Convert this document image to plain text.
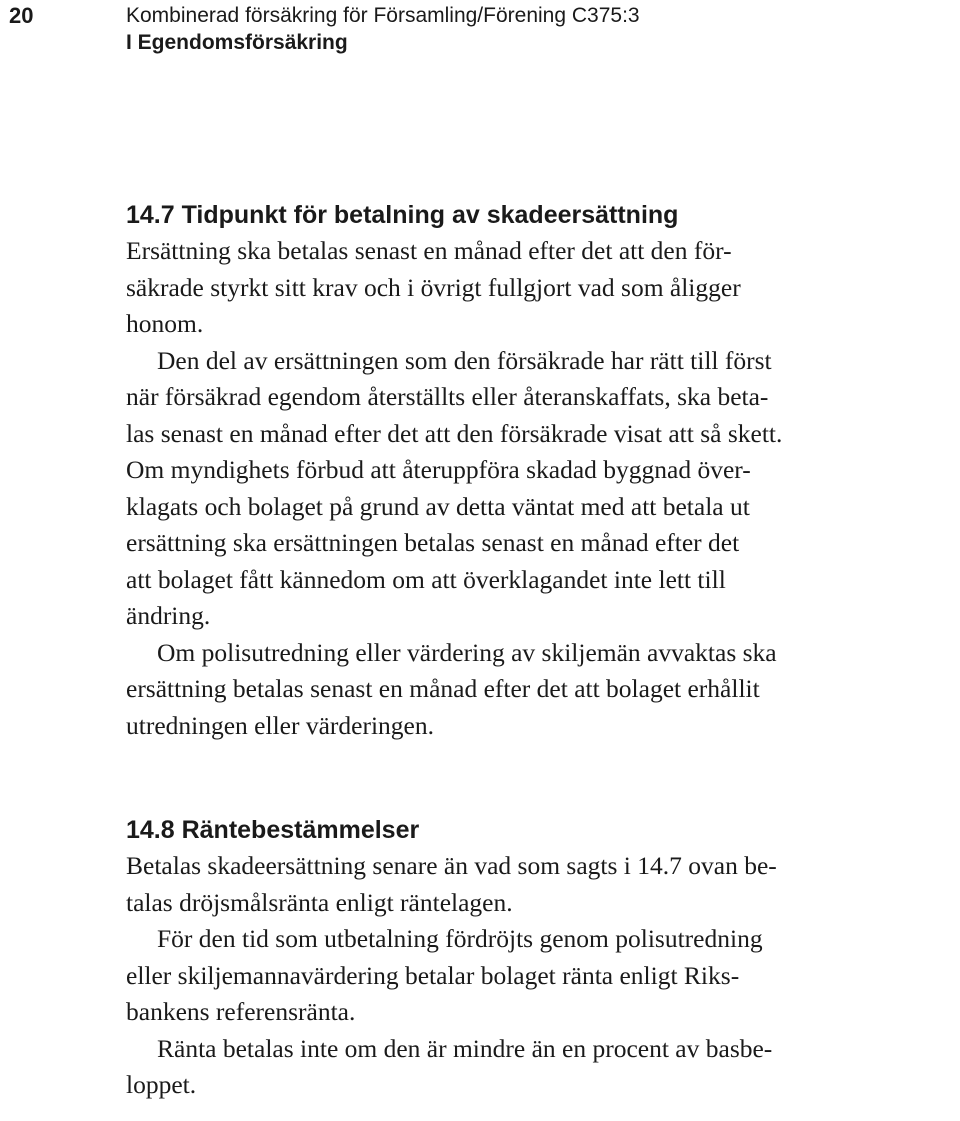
20	Kombinerad försäkring för Församling/Förening C375:3
I Egendomsförsäkring
14.7 Tidpunkt för betalning av skadeersättning
Ersättning ska betalas senast en månad efter det att den för-
säkrade styrkt sitt krav och i övrigt fullgjort vad som åligger
honom.
Den del av ersättningen som den försäkrade har rätt till först
när försäkrad egendom återställts eller återanskaffats, ska beta-
las senast en månad efter det att den försäkrade visat att så skett.
Om myndighets förbud att återuppföra skadad byggnad över-
klagats och bolaget på grund av detta väntat med att betala ut
ersättning ska ersättningen betalas senast en månad efter det
att bolaget fått kännedom om att överklagandet inte lett till
ändring.
Om polisutredning eller värdering av skiljemän avvaktas ska
ersättning betalas senast en månad efter det att bolaget erhållit
utredningen eller värderingen.
14.8 Räntebestämmelser
Betalas skadeersättning senare än vad som sagts i 14.7 ovan be-
talas dröjsmålsränta enligt räntelagen.
För den tid som utbetalning fördröjts genom polisutredning
eller skiljemannavärdering betalar bolaget ränta enligt Riks-
bankens referensränta.
Ränta betalas inte om den är mindre än en procent av basbe-
loppet.
